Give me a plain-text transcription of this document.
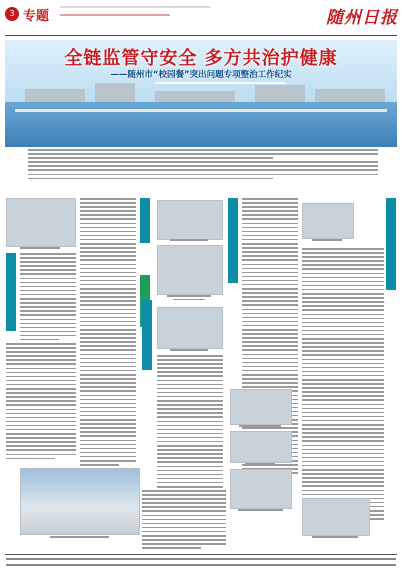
3 专题	随州日报
全链监管守安全 多方共治护健康
——随州市“校园餐”突出问题专项整治工作纪实
